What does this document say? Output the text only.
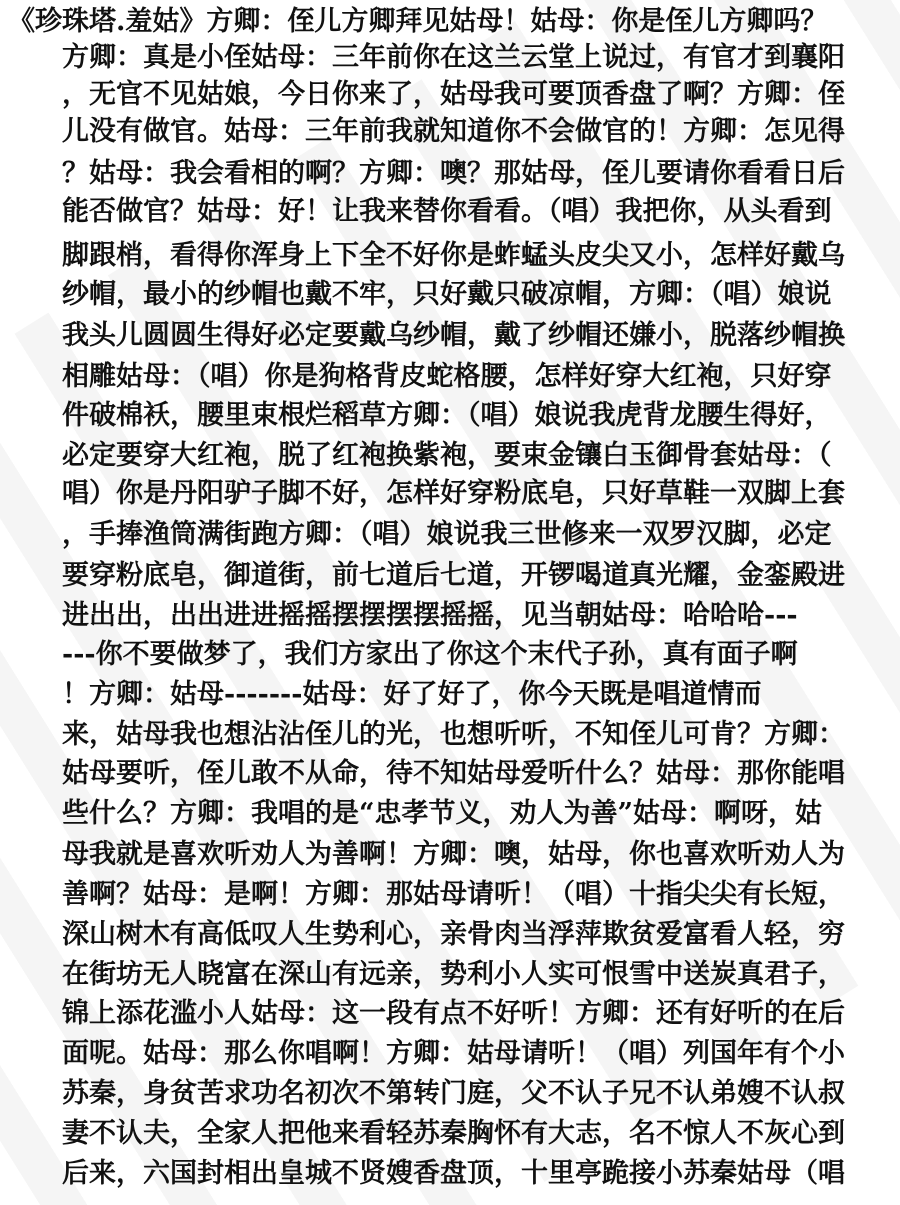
《珍珠塔.羞姑》方卿：侄儿方卿拜见姑母！姑母：你是侄儿方卿吗？
方卿：真是小侄姑母：三年前你在这兰云堂上说过，有官才到襄阳
，无官不见姑娘，今日你来了，姑母我可要顶香盘了啊？方卿：侄
儿没有做官。姑母：三年前我就知道你不会做官的！方卿：怎见得
？姑母：我会看相的啊？方卿：噢？那姑母，侄儿要请你看看日后
能否做官？姑母：好！让我来替你看看。（唱）我把你，从头看到
脚跟梢，看得你浑身上下全不好你是蚱蜢头皮尖又小，怎样好戴乌
纱帽，最小的纱帽也戴不牢，只好戴只破凉帽，方卿：（唱）娘说
我头儿圆圆生得好必定要戴乌纱帽，戴了纱帽还嫌小，脱落纱帽换
相雕姑母：（唱）你是狗格背皮蛇格腰，怎样好穿大红袍，只好穿
件破棉袄，腰里束根烂稻草方卿：（唱）娘说我虎背龙腰生得好，
必定要穿大红袍，脱了红袍换紫袍，要束金镶白玉御骨套姑母：（
唱）你是丹阳驴子脚不好，怎样好穿粉底皂，只好草鞋一双脚上套
，手捧渔筒满街跑方卿：（唱）娘说我三世修来一双罗汉脚，必定
要穿粉底皂，御道街，前七道后七道，开锣喝道真光耀，金銮殿进
进出出，出出进进摇摇摆摆摆摆摇摇，见当朝姑母：哈哈哈---
---你不要做梦了，我们方家出了你这个末代子孙，真有面子啊
！方卿：姑母-------姑母：好了好了，你今天既是唱道情而
来，姑母我也想沾沾侄儿的光，也想听听，不知侄儿可肯？方卿：
姑母要听，侄儿敢不从命，待不知姑母爱听什么？姑母：那你能唱
些什么？方卿：我唱的是“忠孝节义，劝人为善”姑母：啊呀，姑
母我就是喜欢听劝人为善啊！方卿：噢，姑母，你也喜欢听劝人为
善啊？姑母：是啊！方卿：那姑母请听！（唱）十指尖尖有长短，
深山树木有高低叹人生势利心，亲骨肉当浮萍欺贫爱富看人轻，穷
在街坊无人晓富在深山有远亲，势利小人实可恨雪中送炭真君子，
锦上添花滥小人姑母：这一段有点不好听！方卿：还有好听的在后
面呢。姑母：那么你唱啊！方卿：姑母请听！（唱）列国年有个小
苏秦，身贫苦求功名初次不第转门庭，父不认子兄不认弟嫂不认叔
妻不认夫，全家人把他来看轻苏秦胸怀有大志，名不惊人不灰心到
后来，六国封相出皇城不贤嫂香盘顶，十里亭跪接小苏秦姑母（唱
